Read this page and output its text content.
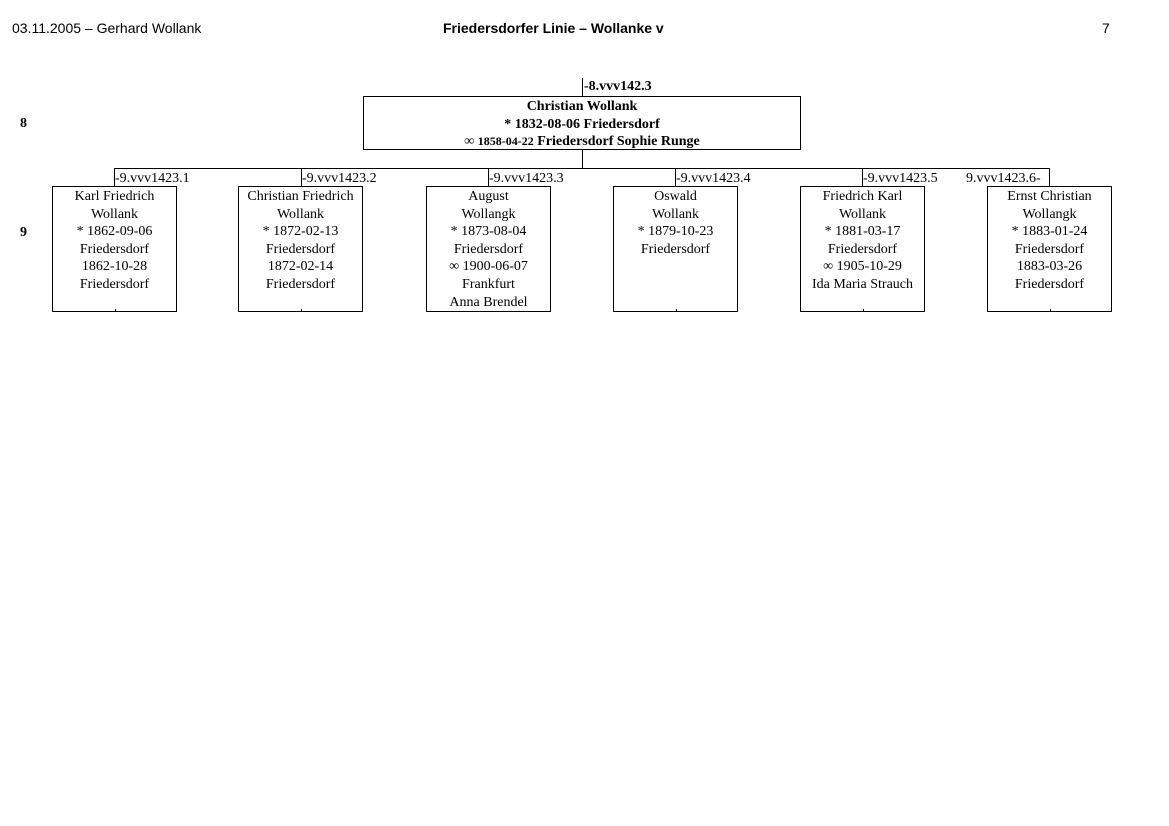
03.11.2005 – Gerhard Wollank	Friedersdorfer Linie – Wollanke v	7
8
9
-8.vvv142.3
Christian Wollank
* 1832-08-06 Friedersdorf
∞ 1858-04-22 Friedersdorf Sophie Runge
-9.vvv1423.1
Karl Friedrich
Wollank
* 1862-09-06
Friedersdorf
1862-10-28
Friedersdorf
-9.vvv1423.2
Christian Friedrich
Wollank
* 1872-02-13
Friedersdorf
1872-02-14
Friedersdorf
-9.vvv1423.3
August
Wollangk
* 1873-08-04
Friedersdorf
∞ 1900-06-07
Frankfurt
Anna Brendel
-9.vvv1423.4
Oswald
Wollank
* 1879-10-23
Friedersdorf
-9.vvv1423.5
Friedrich Karl
Wollank
* 1881-03-17
Friedersdorf
∞ 1905-10-29
Ida Maria Strauch
9.vvv1423.6-
Ernst Christian
Wollangk
* 1883-01-24
Friedersdorf
1883-03-26
Friedersdorf
